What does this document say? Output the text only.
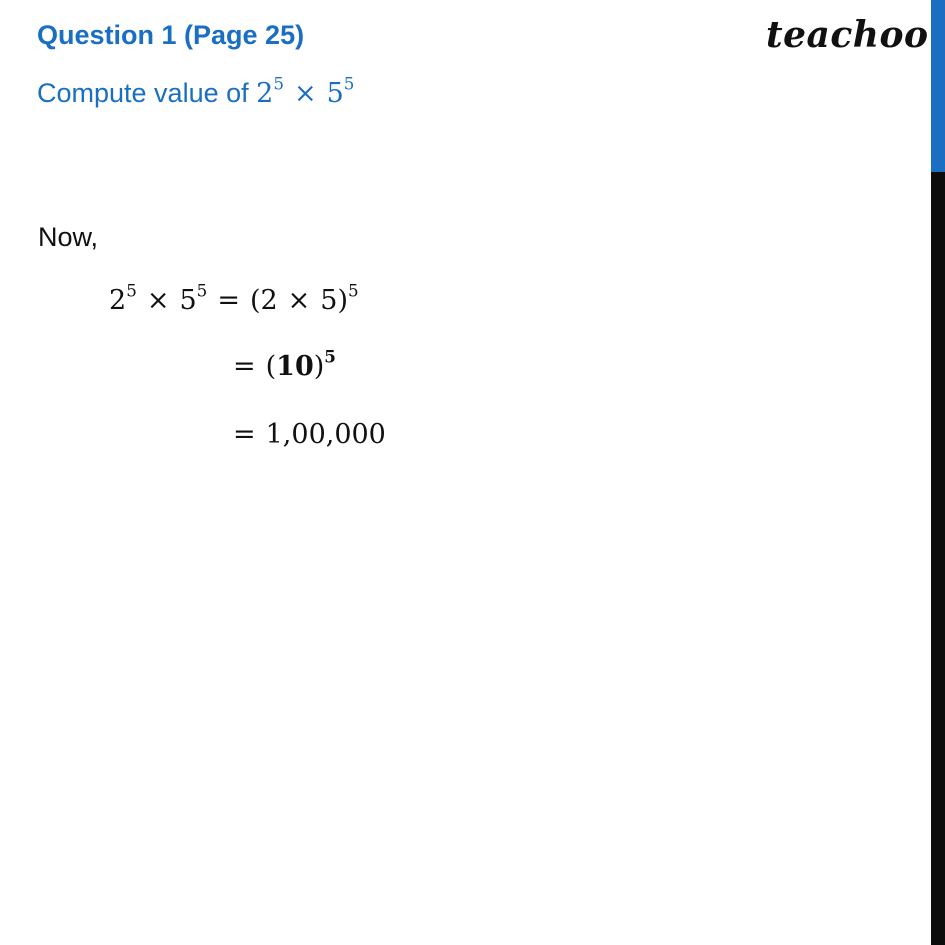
Question 1 (Page 25)	teachoo
Compute value of $2^5 \times 5^5$
Now,
$2^5 \times 5^5 = (2 \times 5)^5$
= $(10)^5$
= 1,00,000
